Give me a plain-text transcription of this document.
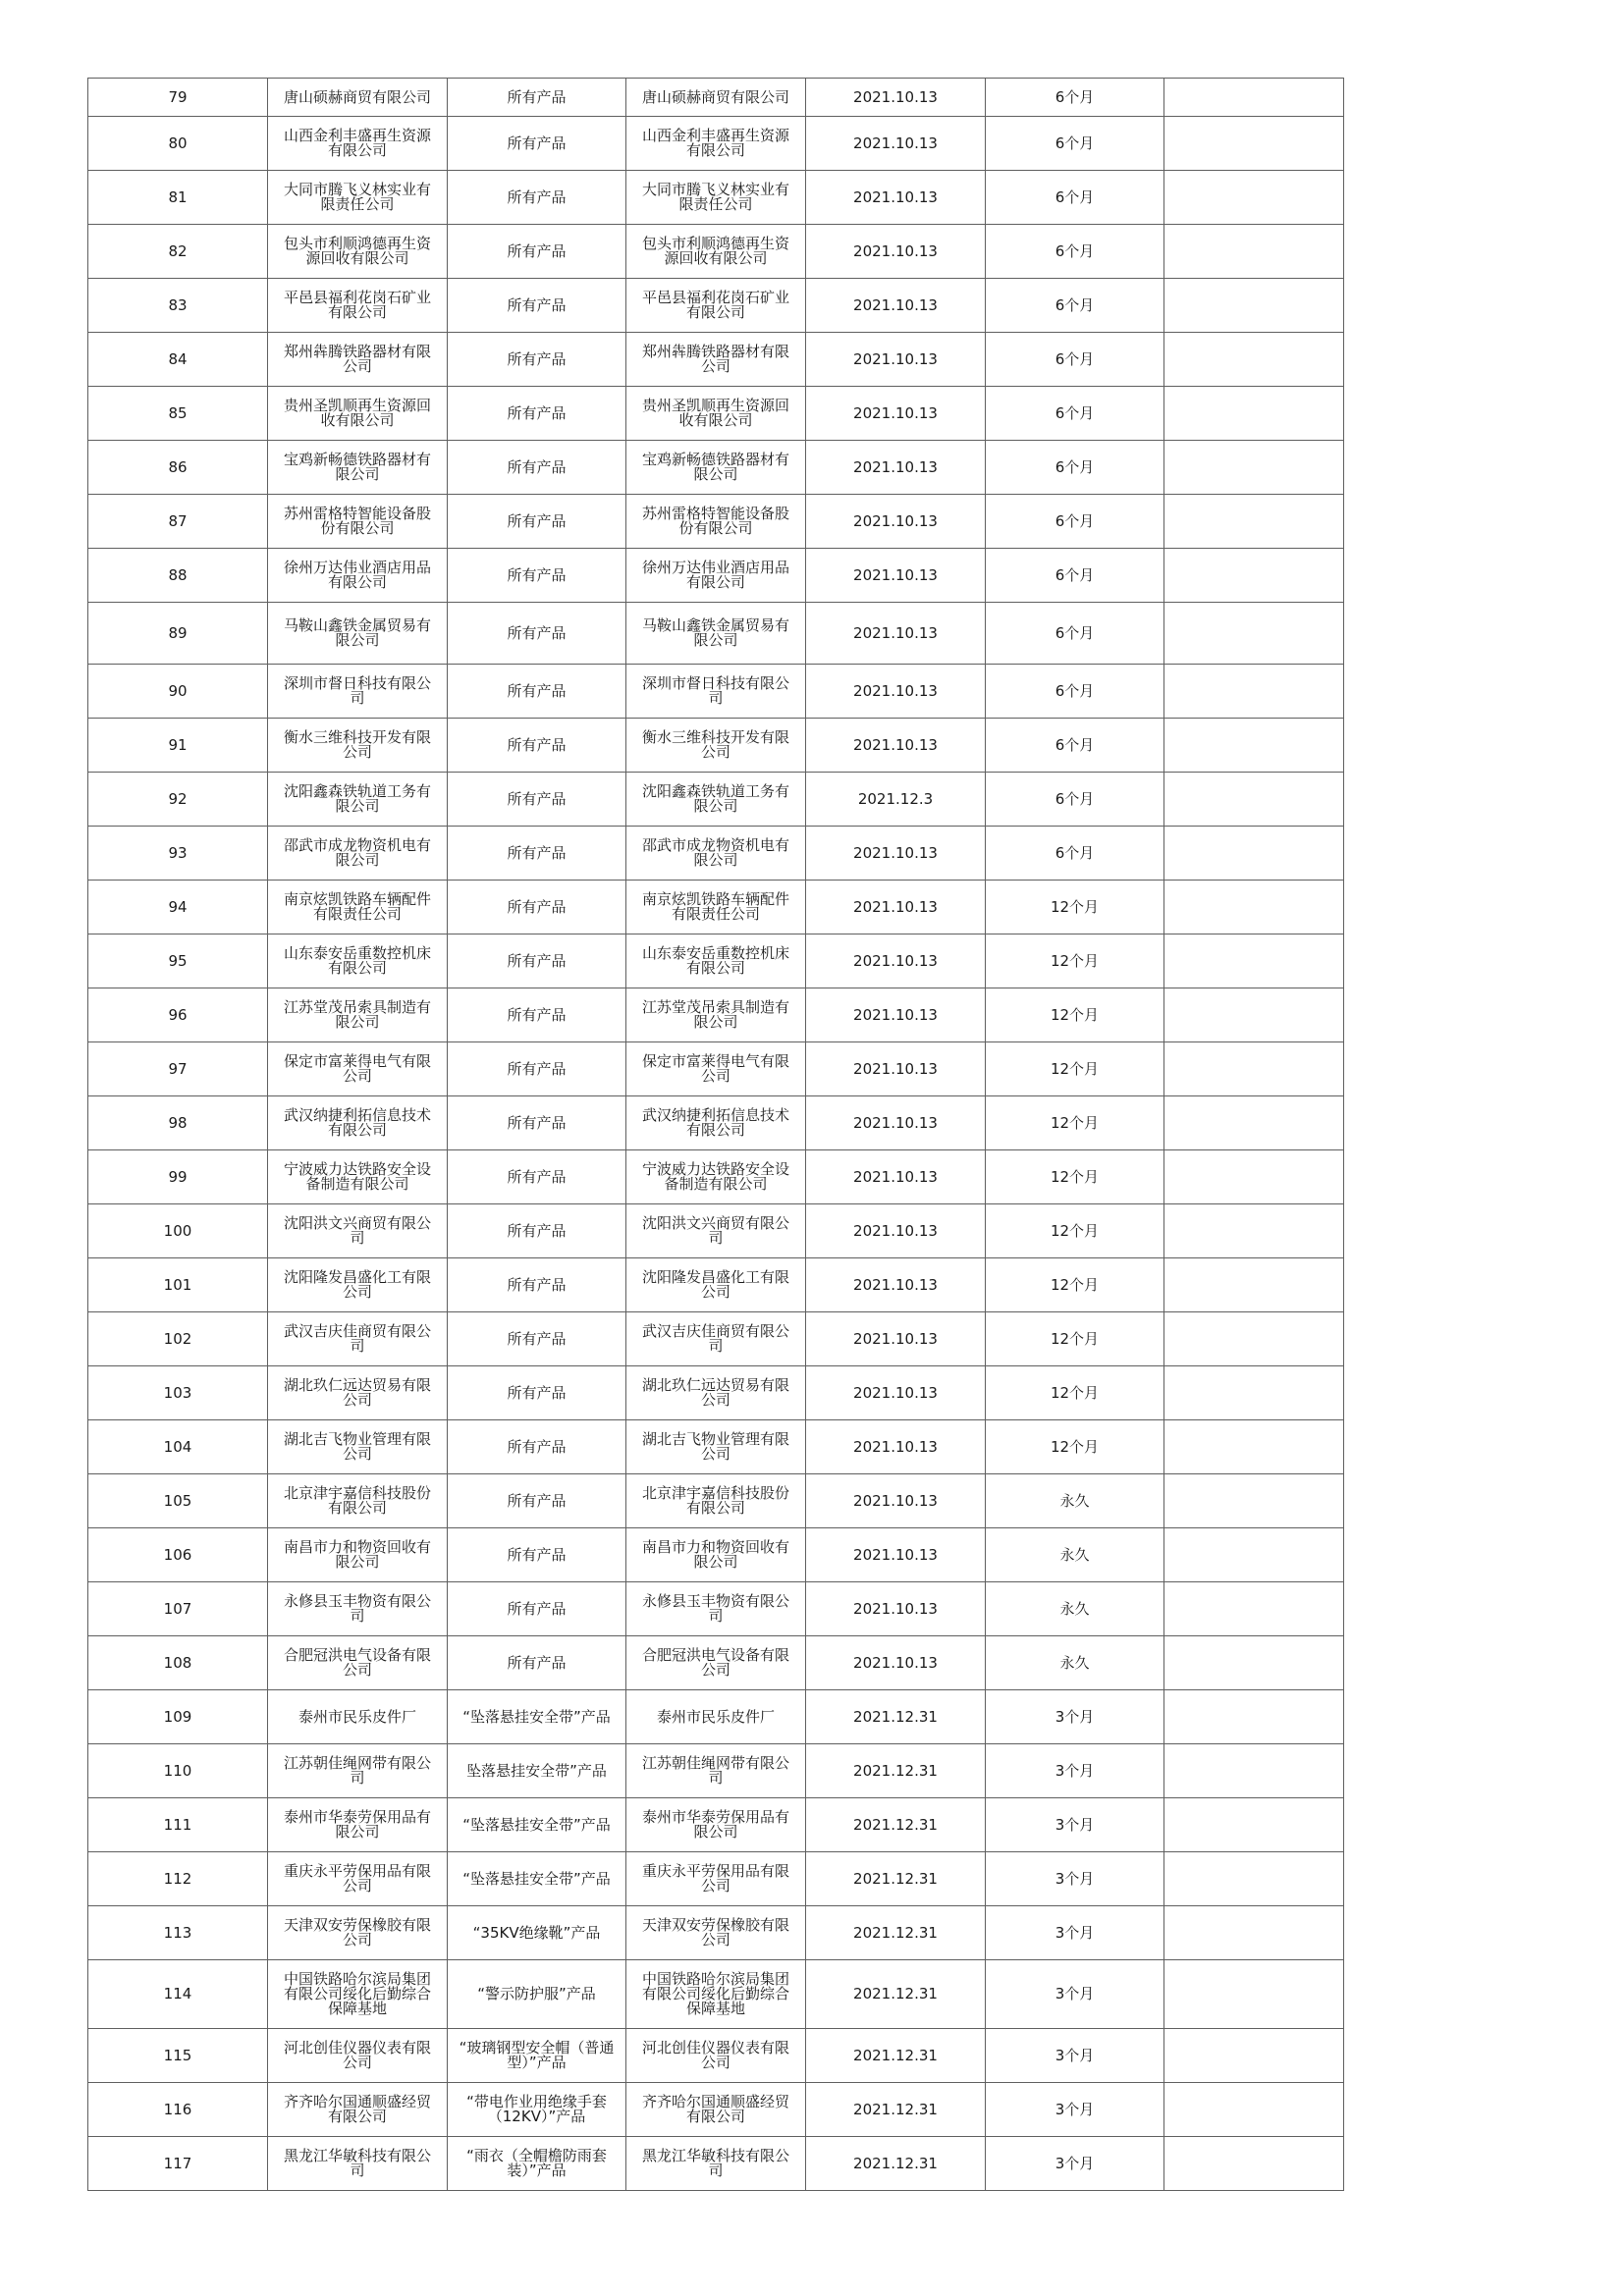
79	唐山硕赫商贸有限公司	所有产品	唐山硕赫商贸有限公司	2021.10.13	6个月	
80	山西金利丰盛再生资源有限公司	所有产品	山西金利丰盛再生资源有限公司	2021.10.13	6个月	
81	大同市腾飞义林实业有限责任公司	所有产品	大同市腾飞义林实业有限责任公司	2021.10.13	6个月	
82	包头市利顺鸿德再生资源回收有限公司	所有产品	包头市利顺鸿德再生资源回收有限公司	2021.10.13	6个月	
83	平邑县福利花岗石矿业有限公司	所有产品	平邑县福利花岗石矿业有限公司	2021.10.13	6个月	
84	郑州犇腾铁路器材有限公司	所有产品	郑州犇腾铁路器材有限公司	2021.10.13	6个月	
85	贵州圣凯顺再生资源回收有限公司	所有产品	贵州圣凯顺再生资源回收有限公司	2021.10.13	6个月	
86	宝鸡新畅德铁路器材有限公司	所有产品	宝鸡新畅德铁路器材有限公司	2021.10.13	6个月	
87	苏州雷格特智能设备股份有限公司	所有产品	苏州雷格特智能设备股份有限公司	2021.10.13	6个月	
88	徐州万达伟业酒店用品有限公司	所有产品	徐州万达伟业酒店用品有限公司	2021.10.13	6个月	
89	马鞍山鑫铁金属贸易有限公司	所有产品	马鞍山鑫铁金属贸易有限公司	2021.10.13	6个月	
90	深圳市督日科技有限公司	所有产品	深圳市督日科技有限公司	2021.10.13	6个月	
91	衡水三维科技开发有限公司	所有产品	衡水三维科技开发有限公司	2021.10.13	6个月	
92	沈阳鑫森铁轨道工务有限公司	所有产品	沈阳鑫森铁轨道工务有限公司	2021.12.3	6个月	
93	邵武市成龙物资机电有限公司	所有产品	邵武市成龙物资机电有限公司	2021.10.13	6个月	
94	南京炫凯铁路车辆配件有限责任公司	所有产品	南京炫凯铁路车辆配件有限责任公司	2021.10.13	12个月	
95	山东泰安岳重数控机床有限公司	所有产品	山东泰安岳重数控机床有限公司	2021.10.13	12个月	
96	江苏堂茂吊索具制造有限公司	所有产品	江苏堂茂吊索具制造有限公司	2021.10.13	12个月	
97	保定市富莱得电气有限公司	所有产品	保定市富莱得电气有限公司	2021.10.13	12个月	
98	武汉纳捷利拓信息技术有限公司	所有产品	武汉纳捷利拓信息技术有限公司	2021.10.13	12个月	
99	宁波威力达铁路安全设备制造有限公司	所有产品	宁波威力达铁路安全设备制造有限公司	2021.10.13	12个月	
100	沈阳洪文兴商贸有限公司	所有产品	沈阳洪文兴商贸有限公司	2021.10.13	12个月	
101	沈阳隆发昌盛化工有限公司	所有产品	沈阳隆发昌盛化工有限公司	2021.10.13	12个月	
102	武汉吉庆佳商贸有限公司	所有产品	武汉吉庆佳商贸有限公司	2021.10.13	12个月	
103	湖北玖仁远达贸易有限公司	所有产品	湖北玖仁远达贸易有限公司	2021.10.13	12个月	
104	湖北吉飞物业管理有限公司	所有产品	湖北吉飞物业管理有限公司	2021.10.13	12个月	
105	北京津宇嘉信科技股份有限公司	所有产品	北京津宇嘉信科技股份有限公司	2021.10.13	永久	
106	南昌市力和物资回收有限公司	所有产品	南昌市力和物资回收有限公司	2021.10.13	永久	
107	永修县玉丰物资有限公司	所有产品	永修县玉丰物资有限公司	2021.10.13	永久	
108	合肥冠洪电气设备有限公司	所有产品	合肥冠洪电气设备有限公司	2021.10.13	永久	
109	泰州市民乐皮件厂	“坠落悬挂安全带”产品	泰州市民乐皮件厂	2021.12.31	3个月	
110	江苏朝佳绳网带有限公司	坠落悬挂安全带”产品	江苏朝佳绳网带有限公司	2021.12.31	3个月	
111	泰州市华泰劳保用品有限公司	“坠落悬挂安全带”产品	泰州市华泰劳保用品有限公司	2021.12.31	3个月	
112	重庆永平劳保用品有限公司	“坠落悬挂安全带”产品	重庆永平劳保用品有限公司	2021.12.31	3个月	
113	天津双安劳保橡胶有限公司	“35KV绝缘靴”产品	天津双安劳保橡胶有限公司	2021.12.31	3个月	
114	中国铁路哈尔滨局集团有限公司绥化后勤综合保障基地	“警示防护服”产品	中国铁路哈尔滨局集团有限公司绥化后勤综合保障基地	2021.12.31	3个月	
115	河北创佳仪器仪表有限公司	“玻璃钢型安全帽（普通型）”产品	河北创佳仪器仪表有限公司	2021.12.31	3个月	
116	齐齐哈尔国通顺盛经贸有限公司	“带电作业用绝缘手套（12KV）”产品	齐齐哈尔国通顺盛经贸有限公司	2021.12.31	3个月	
117	黑龙江华敏科技有限公司	“雨衣（全帽檐防雨套装）”产品	黑龙江华敏科技有限公司	2021.12.31	3个月	
